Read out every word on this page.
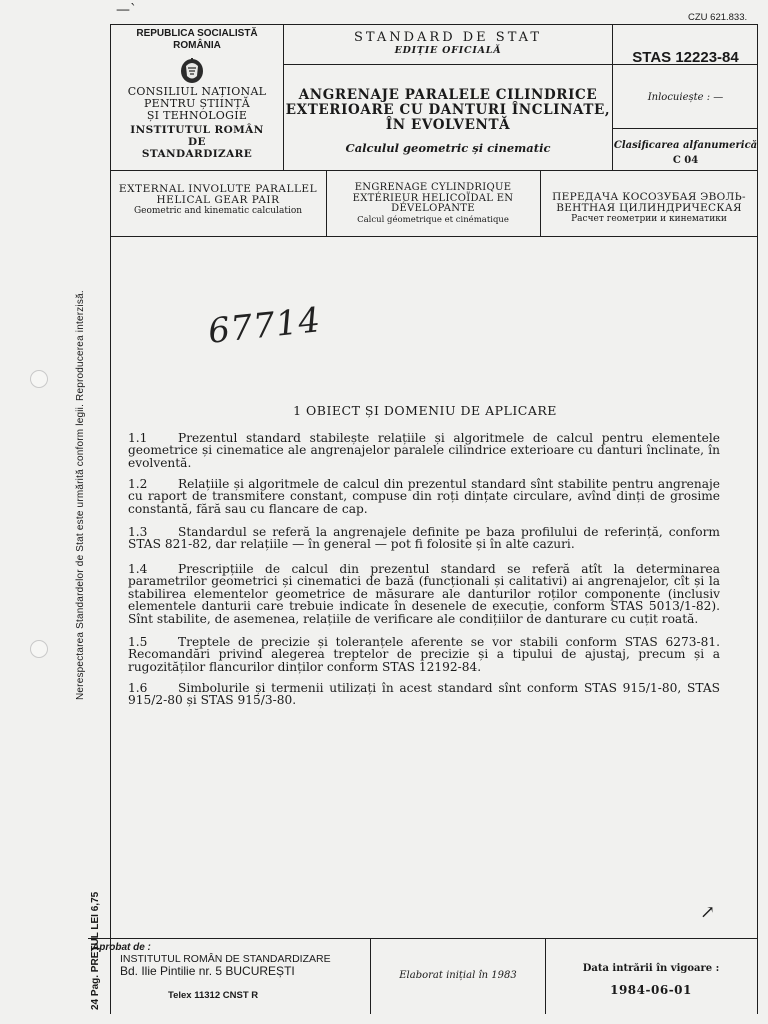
—`	CZU 621.833.
REPUBLICA SOCIALISTĂ
ROMÂNIA
CONSILIUL NAȚIONAL
PENTRU ȘTIINȚĂ
ȘI TEHNOLOGIE
INSTITUTUL ROMÂN
DE
STANDARDIZARE
STANDARD DE STAT
EDIȚIE OFICIALĂ
ANGRENAJE PARALELE CILINDRICE
EXTERIOARE CU DANTURI ÎNCLINATE,
ÎN EVOLVENTĂ
Calculul geometric și cinematic
STAS 12223-84
Inlocuiește : —
Clasificarea alfanumerică
C 04
EXTERNAL INVOLUTE PARALLEL
HELICAL GEAR PAIR
Geometric and kinematic calculation
ENGRENAGE CYLINDRIQUE
EXTÉRIEUR HELICOÏDAL EN
DÉVELOPANTE
Calcul géometrique et cinématique
ПЕРЕДАЧА КОСОЗУБАЯ ЭВОЛЬ-
ВЕНТНАЯ ЦИЛИНДРИЧЕСКАЯ
Расчет геометрии и кинематики
67714
1 OBIECT ȘI DOMENIU DE APLICARE
1.1	Prezentul standard stabilește relațiile și algoritmele de calcul pentru elementele geometrice și cinematice ale angrenajelor paralele cilindrice exterioare cu danturi înclinate, în evolventă.
1.2	Relațiile și algoritmele de calcul din prezentul standard sînt stabilite pentru angrenaje cu raport de transmitere constant, compuse din roți dințate circulare, avînd dinți de grosime constantă, fără sau cu flancare de cap.
1.3	Standardul se referă la angrenajele definite pe baza profilului de referință, conform STAS 821-82, dar relațiile — în general — pot fi folosite și în alte cazuri.
1.4	Prescripțiile de calcul din prezentul standard se referă atît la determinarea parametrilor geometrici și cinematici de bază (funcționali și calitativi) ai angrenajelor, cît și la stabilirea elementelor geometrice de măsurare ale danturilor roților componente (inclusiv elementele danturii care trebuie indicate în desenele de execuție, conform STAS 5013/1-82). Sînt stabilite, de asemenea, relațiile de verificare ale condițiilor de danturare cu cuțit roată.
1.5	Treptele de precizie și toleranțele aferente se vor stabili conform STAS 6273-81. Recomandări privind alegerea treptelor de precizie și a tipului de ajustaj, precum și a rugozităților flancurilor dinților conform STAS 12192-84.
1.6	Simbolurile și termenii utilizați în acest standard sînt conform STAS 915/1-80, STAS 915/2-80 și STAS 915/3-80.
↗
Nerespectarea Standardelor de Stat este urmărită conform legii. Reproducerea interzisă.
24 Pag. PREȚUL LEI 6,75
Aprobat de :
INSTITUTUL ROMÂN DE STANDARDIZARE
Bd. Ilie Pintilie nr. 5 BUCUREȘTI
Telex 11312 CNST R
Elaborat inițial în 1983
Data intrării în vigoare :
1984-06-01
